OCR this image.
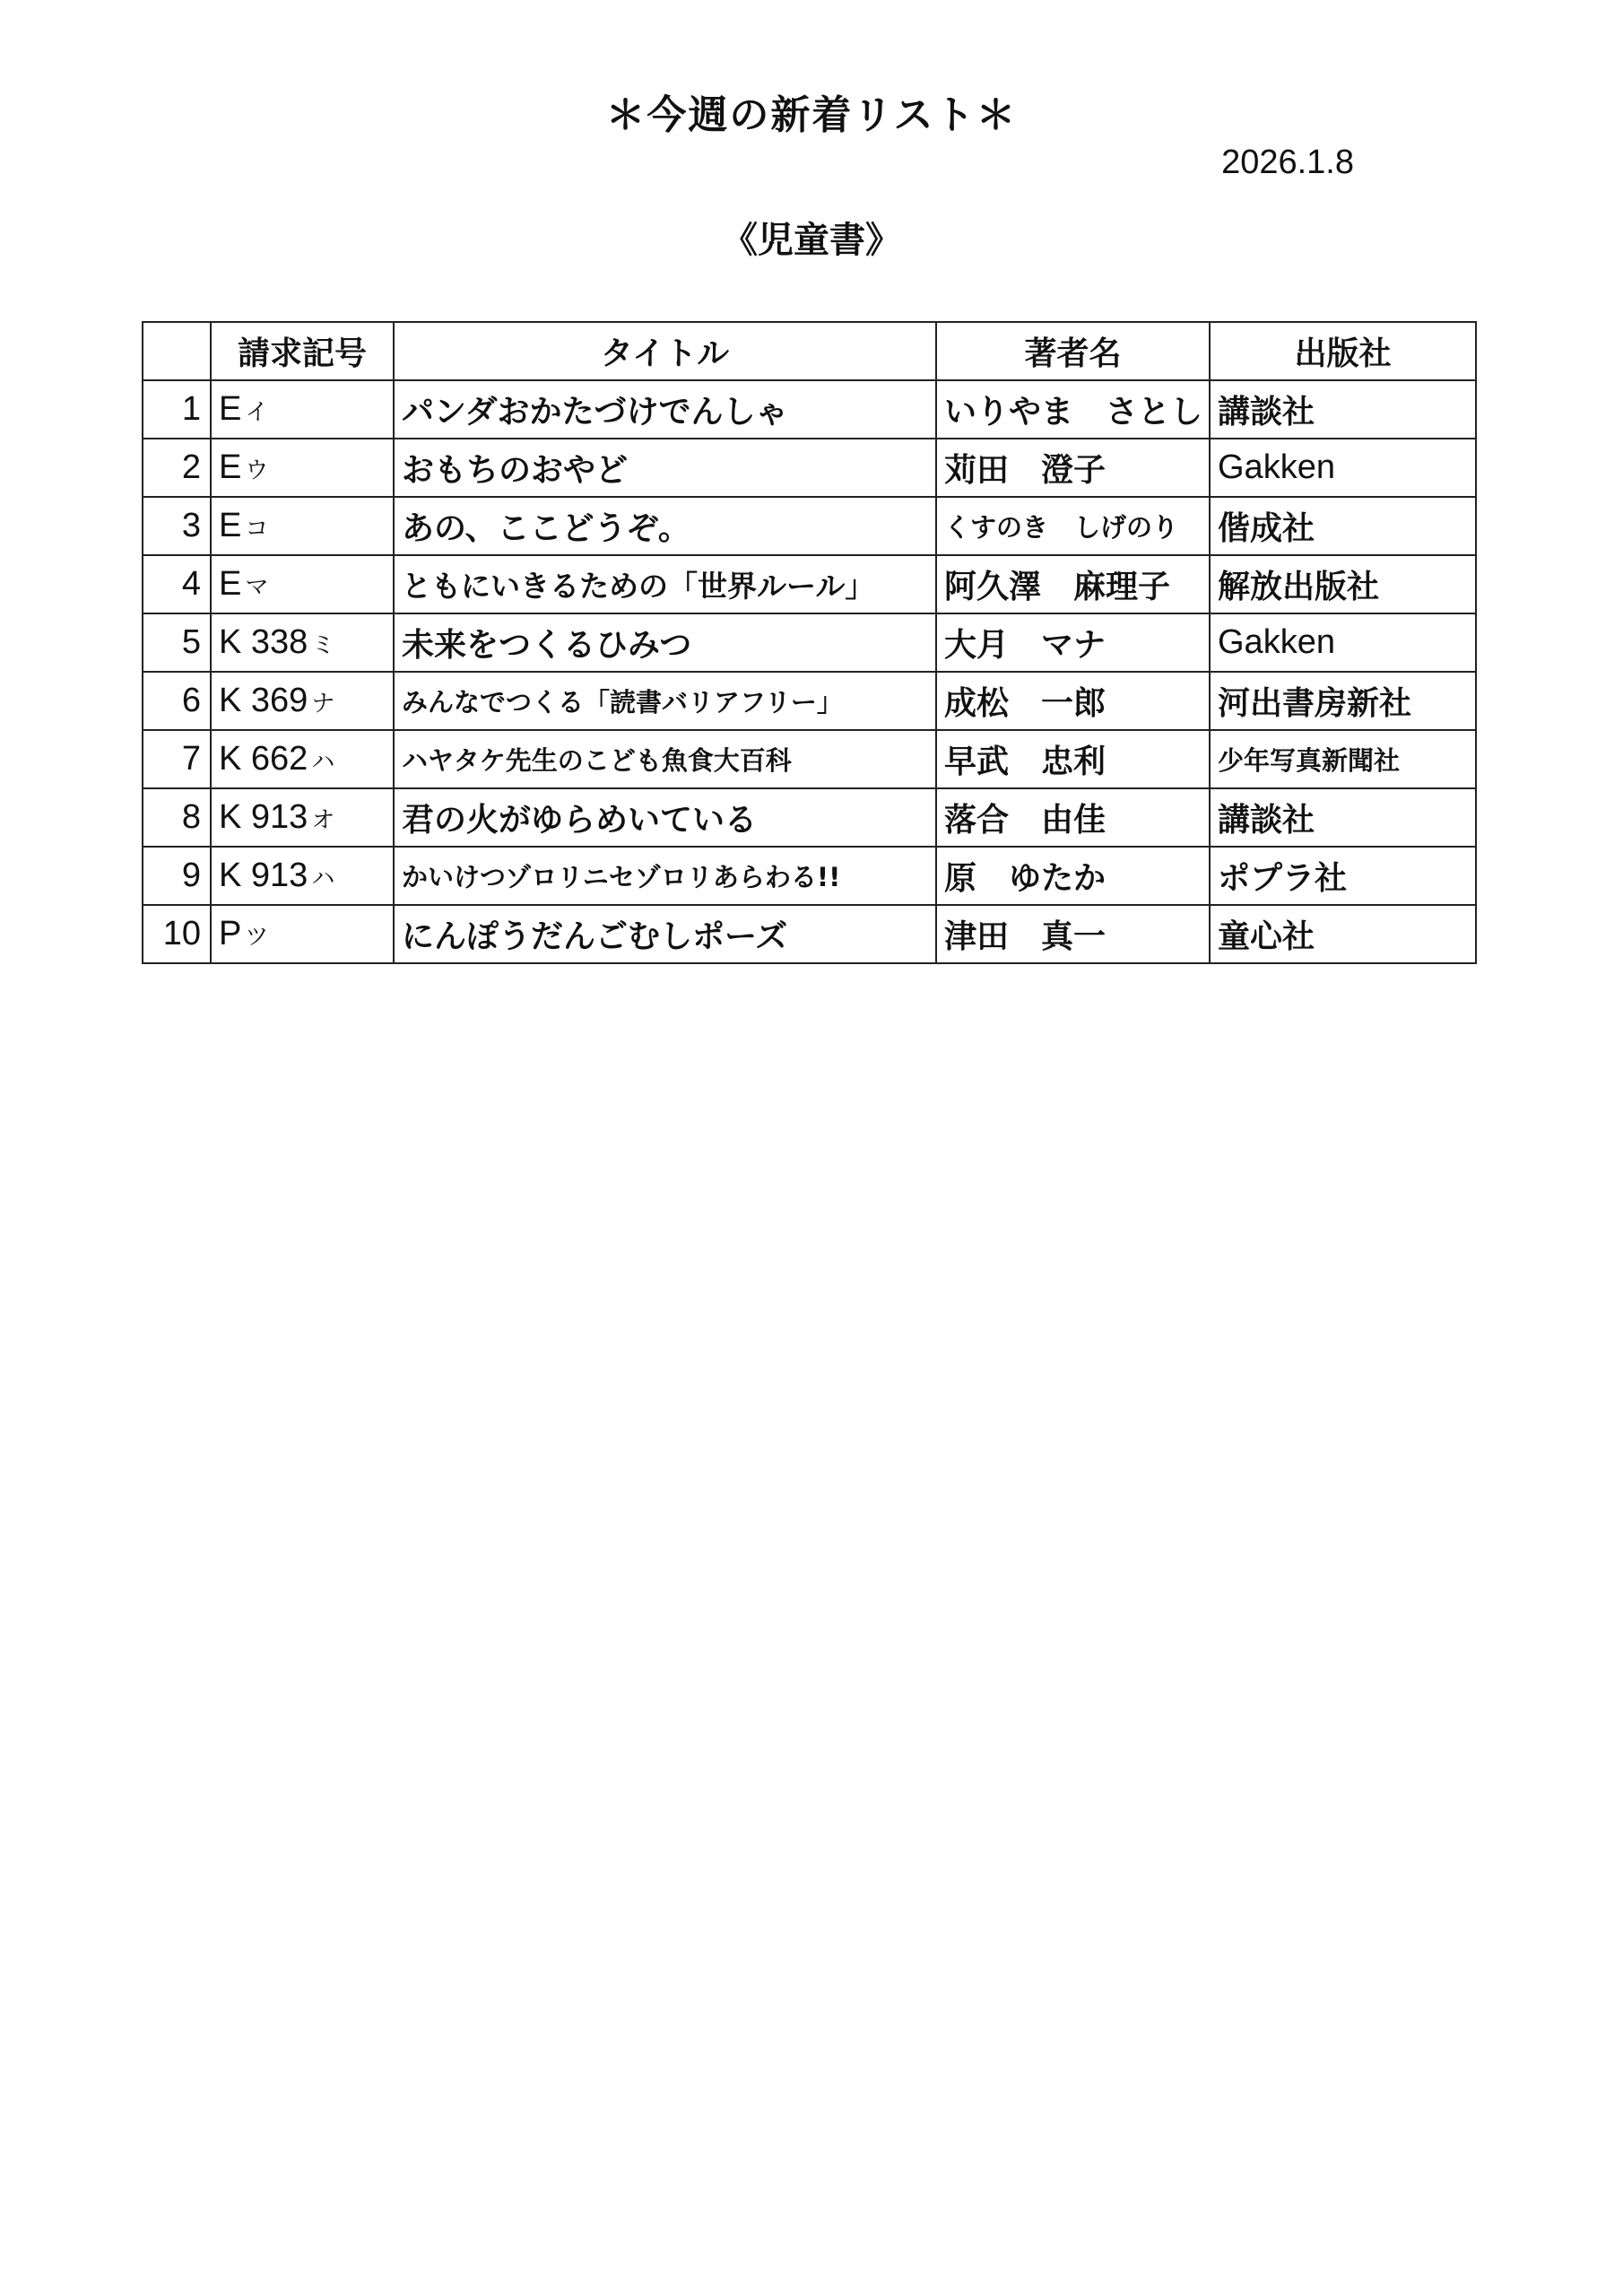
＊今週の新着リスト＊
2026.1.8
《児童書》
	請求記号	タイトル	著者名	出版社
1	E イ	パンダおかたづけでんしゃ	いりやま　さとし	講談社
2	E ウ	おもちのおやど	苅田　澄子	Gakken
3	E コ	あの、ここどうぞ。	くすのき　しげのり	偕成社
4	E マ	ともにいきるための「世界ルール」	阿久澤　麻理子	解放出版社
5	K 338 ミ	未来をつくるひみつ	大月　マナ	Gakken
6	K 369 ナ	みんなでつくる「読書バリアフリー」	成松　一郎	河出書房新社
7	K 662 ハ	ハヤタケ先生のこども魚食大百科	早武　忠利	少年写真新聞社
8	K 913 オ	君の火がゆらめいている	落合　由佳	講談社
9	K 913 ハ	かいけつゾロリニセゾロリあらわる!!	原　ゆたか	ポプラ社
10	P ツ	にんぽうだんごむしポーズ	津田　真一	童心社
